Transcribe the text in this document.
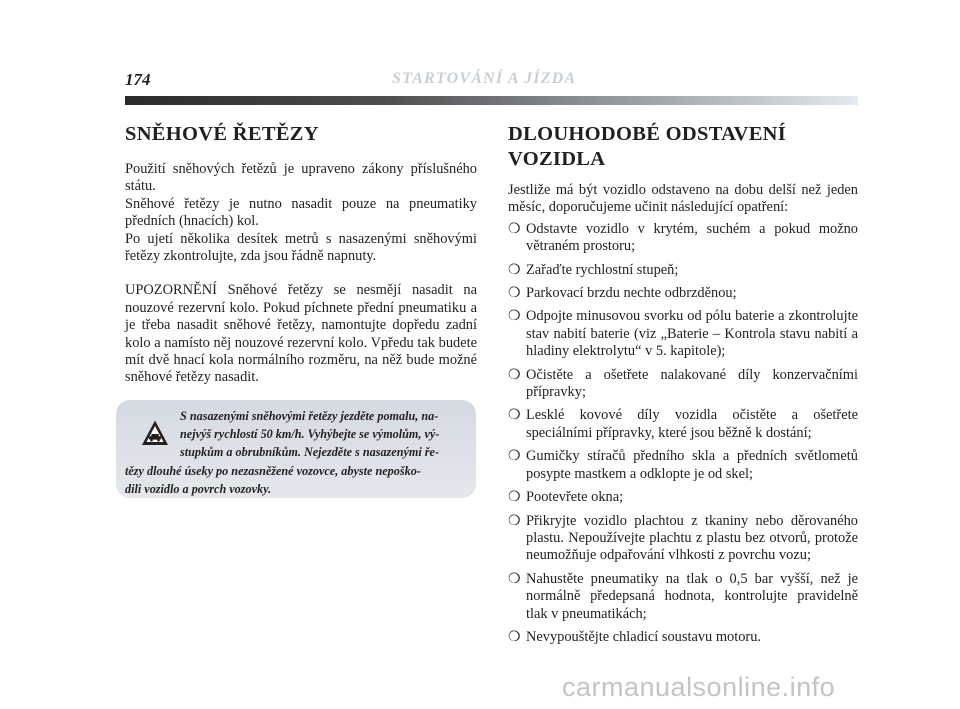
174	STARTOVÁNÍ A JÍZDA
SNĚHOVÉ ŘETĚZY

Použití sněhových řetězů je upraveno zákony příslušného státu.

Sněhové řetězy je nutno nasadit pouze na pneumatiky předních (hnacích) kol.

Po ujetí několika desítek metrů s nasazenými sněhovými řetězy zkontrolujte, zda jsou řádně napnuty.

UPOZORNĚNÍ Sněhové řetězy se nesmějí nasadit na nouzové rezervní kolo. Pokud píchnete přední pneumatiku a je třeba nasadit sněhové řetězy, namontujte dopředu zadní kolo a namísto něj nouzové rezervní kolo. Vpředu tak budete mít dvě hnací kola normálního rozměru, na něž bude možné sněhové řetězy nasadit.

S nasazenými sněhovými řetězy jezděte pomalu, na-
nejvýš rychlostí 50 km/h. Vyhýbejte se výmolům, vý-
stupkům a obrubníkům. Nejezděte s nasazenými ře-
tězy dlouhé úseky po nezasněžené vozovce, abyste nepoško-
dili vozidlo a povrch vozovky.
DLOUHODOBÉ ODSTAVENÍ
VOZIDLA

Jestliže má být vozidlo odstaveno na dobu delší než jeden měsíc, doporučujeme učinit následující opatření:

❍ Odstavte vozidlo v krytém, suchém a pokud možno větraném prostoru;
❍ Zařaďte rychlostní stupeň;
❍ Parkovací brzdu nechte odbrzděnou;
❍ Odpojte minusovou svorku od pólu baterie a zkontrolujte stav nabití baterie (viz „Baterie – Kontrola stavu nabití a hladiny elektrolytu“ v 5. kapitole);
❍ Očistěte a ošetřete nalakované díly konzervačními přípravky;
❍ Lesklé kovové díly vozidla očistěte a ošetřete speciálními přípravky, které jsou běžně k dostání;
❍ Gumičky stíračů předního skla a předních světlometů posypte mastkem a odklopte je od skel;
❍ Pootevřete okna;
❍ Přikryjte vozidlo plachtou z tkaniny nebo děrovaného plastu. Nepoužívejte plachtu z plastu bez otvorů, protože neumožňuje odpařování vlhkosti z povrchu vozu;
❍ Nahustěte pneumatiky na tlak o 0,5 bar vyšší, než je normálně předepsaná hodnota, kontrolujte pravidelně tlak v pneumatikách;
❍ Nevypouštějte chladicí soustavu motoru.
carmanualsonline.info
